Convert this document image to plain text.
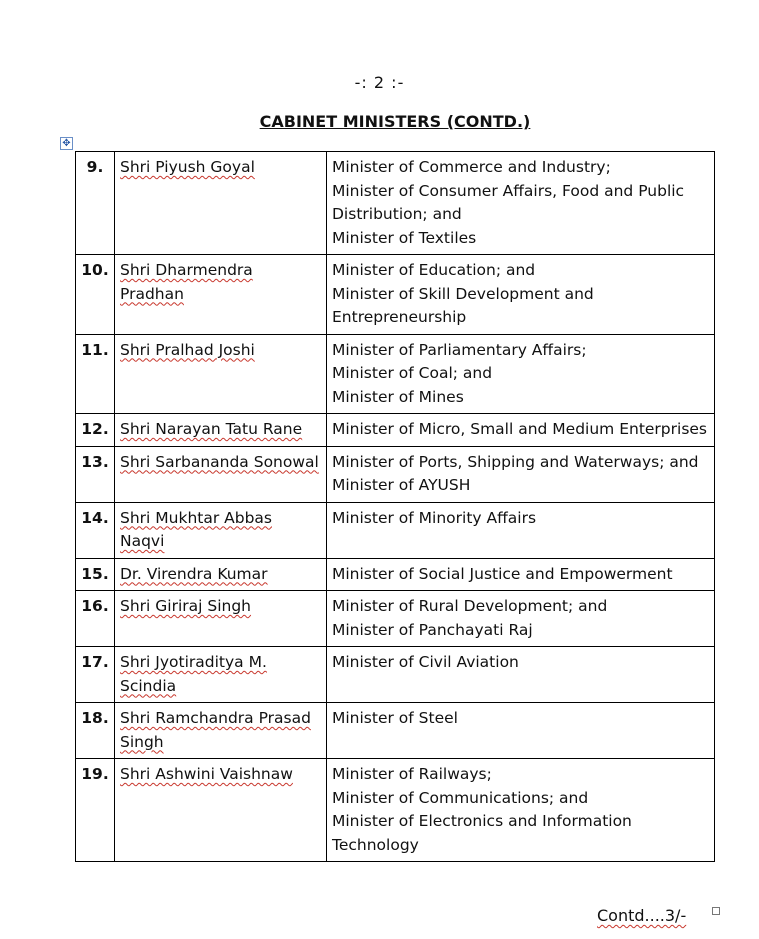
-: 2 :-
CABINET MINISTERS (CONTD.)
✥
9.	Shri Piyush Goyal	Minister of Commerce and Industry;
Minister of Consumer Affairs, Food and Public Distribution; and
Minister of Textiles

10.	Shri Dharmendra Pradhan	Minister of Education; and
Minister of Skill Development and Entrepreneurship

11.	Shri Pralhad Joshi	Minister of Parliamentary Affairs;
Minister of Coal; and
Minister of Mines

12.	Shri Narayan Tatu Rane	Minister of Micro, Small and Medium Enterprises

13.	Shri Sarbananda Sonowal	Minister of Ports, Shipping and Waterways; and
Minister of AYUSH

14.	Shri Mukhtar Abbas Naqvi	Minister of Minority Affairs

15.	Dr. Virendra Kumar	Minister of Social Justice and Empowerment

16.	Shri Giriraj Singh	Minister of Rural Development; and
Minister of Panchayati Raj

17.	Shri Jyotiraditya M. Scindia	Minister of Civil Aviation

18.	Shri Ramchandra Prasad Singh	Minister of Steel

19.	Shri Ashwini Vaishnaw	Minister of Railways;
Minister of Communications; and
Minister of Electronics and Information Technology
Contd....3/-
